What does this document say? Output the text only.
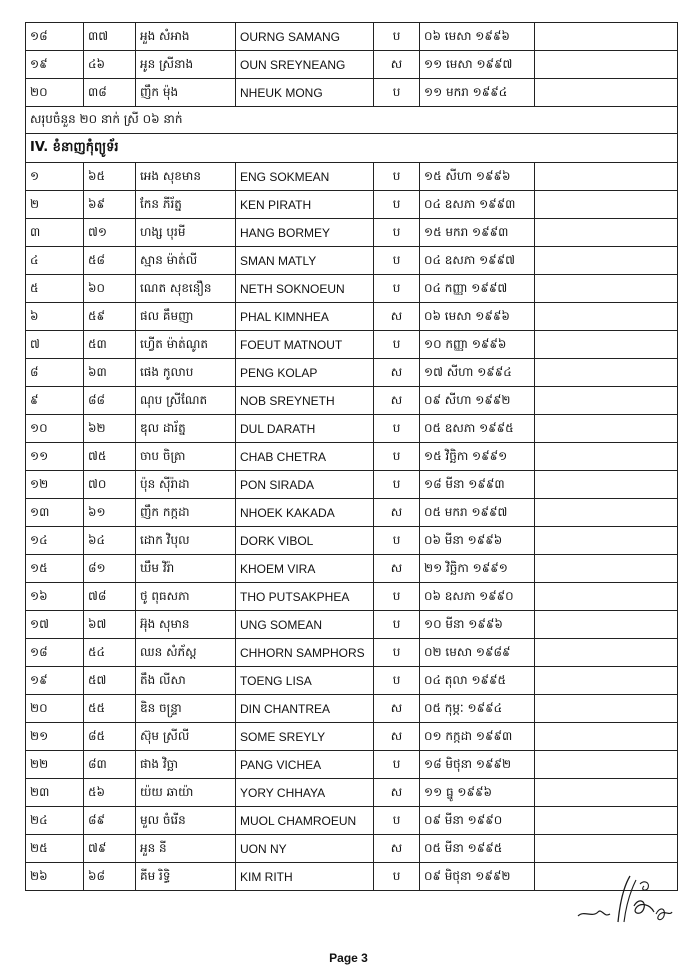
១៨	៣៧	អួង សំអាង	OURNG SAMANG	ប	០៦ មេសា ១៩៩៦	
១៩	៤៦	អូន ស្រីនាង	OUN SREYNEANG	ស	១១ មេសា ១៩៩៧	
២០	៣៨	ញឹក ម៉ុង	NHEUK MONG	ប	១១ មករា ១៩៩៤	
សរុបចំនួន ២០ នាក់ ស្រី ០៦ នាក់						
IV. ខំនាញកុំព្យូទ័រ						
១	៦៥	អេង សុខមាន	ENG SOKMEAN	ប	១៥ សីហា ១៩៩៦	
២	៦៩	កែន ភីរ័ត្ន	KEN PIRATH	ប	០៤ ឧសភា ១៩៩៣	
៣	៧១	ហង្ស បុរមី	HANG BORMEY	ប	១៥ មករា ១៩៩៣	
៤	៥៨	ស្មាន ម៉ាត់លី	SMAN MATLY	ប	០៤ ឧសភា ១៩៩៧	
៥	៦០	ណេត សុខនឿន	NETH SOKNOEUN	ប	០៤ កញ្ញា ១៩៩៧	
៦	៥៩	ផល គឹមញា	PHAL KIMNHEA	ស	០៦ មេសា ១៩៩៦	
៧	៥៣	ហ្វើត ម៉ាត់ណូត	FOEUT MATNOUT	ប	១០ កញ្ញា ១៩៩៦	
៨	៦៣	ផេង កូលាប	PENG KOLAP	ស	១៧ សីហា ១៩៩៤	
៩	៨៨	ណុប ស្រីណែត	NOB SREYNETH	ស	០៩ សីហា ១៩៩២	
១០	៦២	ឌុល ដារ័ត្ន	DUL DARATH	ប	០៥ ឧសភា ១៩៩៥	
១១	៧៥	ចាប ចិត្រា	CHAB CHETRA	ប	១៥ វិច្ឆិកា ១៩៩១	
១២	៧០	ប៉ុន ស៊ីរ៉ាដា	PON SIRADA	ប	១៨ មីនា ១៩៩៣	
១៣	៦១	ញឹក កក្កដា	NHOEK KAKADA	ស	០៥ មករា ១៩៩៧	
១៤	៦៤	ដោក វិបុល	DORK VIBOL	ប	០៦ មីនា ១៩៩៦	
១៥	៨១	ឃឹម វិរ៉ា	KHOEM VIRA	ស	២១ វិច្ឆិកា ១៩៩១	
១៦	៧៨	ថូ ពុធសភា	THO PUTSAKPHEA	ប	០៦ ឧសភា ១៩៩០	
១៧	៦៧	អ៊ុង សុមាន	UNG SOMEAN	ប	១០ មីនា ១៩៩៦	
១៨	៥៤	ឈន សំភ័ស្ត	CHHORN SAMPHORS	ប	០២ មេសា ១៩៨៩	
១៩	៥៧	តឹង លីសា	TOENG LISA	ប	០៤ តុលា ១៩៩៥	
២០	៥៥	ឌិន ចន្ទ្រា	DIN CHANTREA	ស	០៥ កុម្ភៈ ១៩៩៤	
២១	៨៥	ស៊ុម ស្រីលី	SOME SREYLY	ស	០១ កក្កដា ១៩៩៣	
២២	៨៣	ផាង វិច្ឆា	PANG VICHEA	ប	១៨ មិថុនា ១៩៩២	
២៣	៥៦	យ៉យ ឆាយ៉ា	YORY CHHAYA	ស	១១ ធ្នូ ១៩៩៦	
២៤	៨៩	មួល ចំរើន	MUOL CHAMROEUN	ប	០៩ មីនា ១៩៩០	
២៥	៧៩	អួន នី	UON NY	ស	០៥ មីនា ១៩៩៥	
២៦	៦៨	គីម រិទ្ធិ	KIM RITH	ប	០៩ មិថុនា ១៩៩២	
Page 3
